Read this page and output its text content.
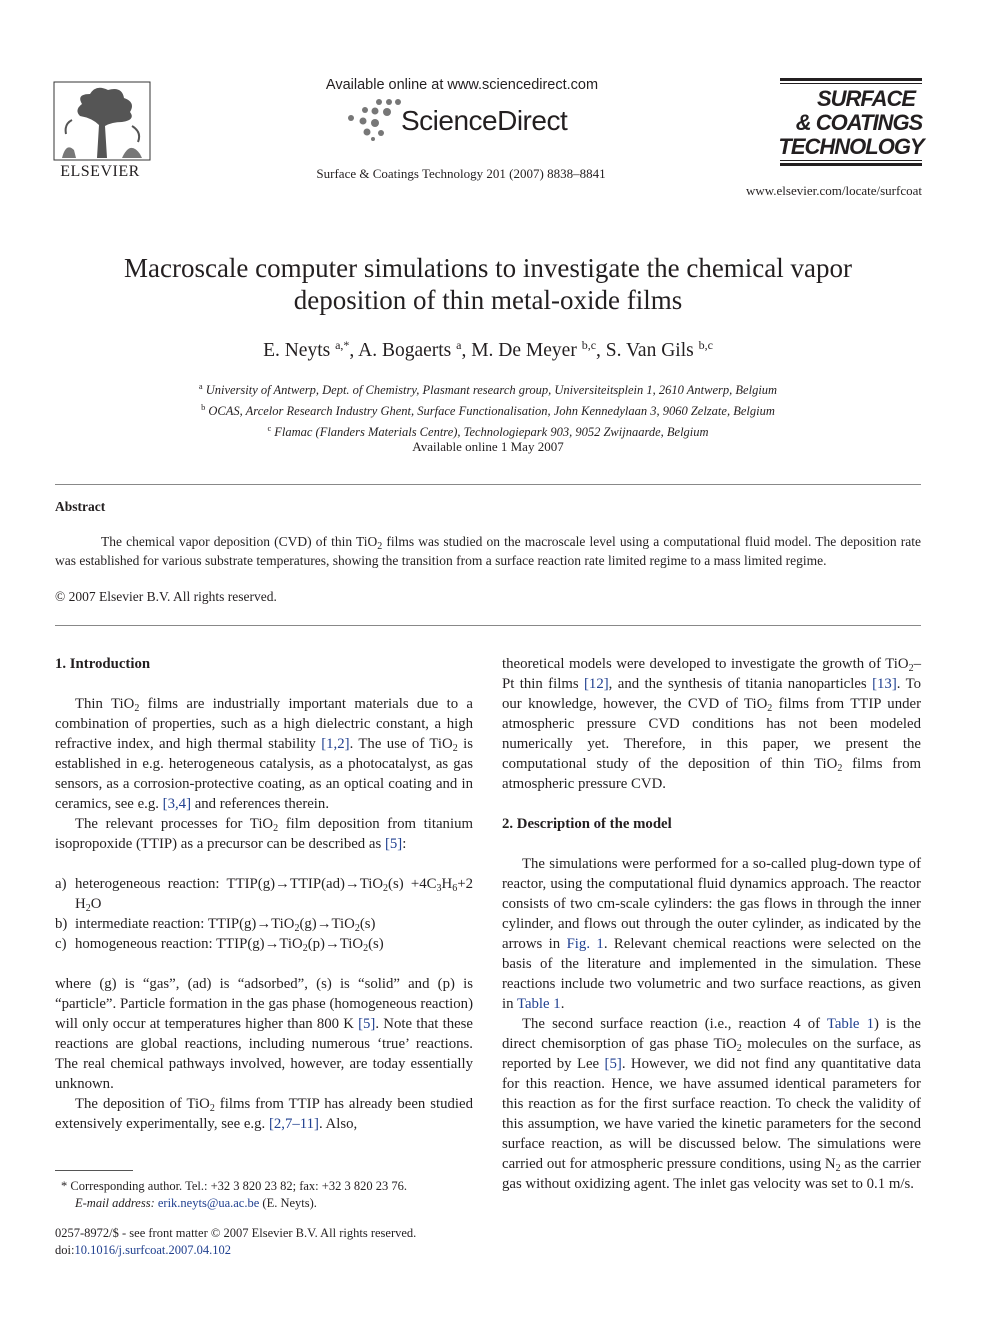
ELSEVIER
Available online at www.sciencedirect.com
ScienceDirect
Surface & Coatings Technology 201 (2007) 8838–8841
SURFACE
& COATINGS
TECHNOLOGY
www.elsevier.com/locate/surfcoat
Macroscale computer simulations to investigate the chemical vapor
deposition of thin metal-oxide films
E. Neyts $^{a,*}$, A. Bogaerts $^a$, M. De Meyer $^{b,c}$, S. Van Gils $^{b,c}$
$^a$ University of Antwerp, Dept. of Chemistry, Plasmant research group, Universiteitsplein 1, 2610 Antwerp, Belgium
$^b$ OCAS, Arcelor Research Industry Ghent, Surface Functionalisation, John Kennedylaan 3, 9060 Zelzate, Belgium
$^c$ Flamac (Flanders Materials Centre), Technologiepark 903, 9052 Zwijnaarde, Belgium
Available online 1 May 2007
Abstract

The chemical vapor deposition (CVD) of thin TiO$_2$ films was studied on the macroscale level using a computational fluid model. The deposition rate was established for various substrate temperatures, showing the transition from a surface reaction rate limited regime to a mass limited regime.

© 2007 Elsevier B.V. All rights reserved.
1. Introduction

Thin TiO$_2$ films are industrially important materials due to a combination of properties, such as a high dielectric constant, a high refractive index, and high thermal stability [1,2]. The use of TiO$_2$ is established in e.g. heterogeneous catalysis, as a photocatalyst, as gas sensors, as a corrosion-protective coating, as an optical coating and in ceramics, see e.g. [3,4] and references therein.

The relevant processes for TiO$_2$ film deposition from titanium isopropoxide (TTIP) as a precursor can be described as [5]:

a) heterogeneous reaction: TTIP(g)→TTIP(ad)→TiO$_2$(s) $+4C_3H_6+2$ $H_2O$
b) intermediate reaction: TTIP(g)→TiO$_2$(g)→TiO$_2$(s)
c) homogeneous reaction: TTIP(g)→TiO$_2$(p)→TiO$_2$(s)

where (g) is “gas”, (ad) is “adsorbed”, (s) is “solid” and (p) is “particle”. Particle formation in the gas phase (homogeneous reaction) will only occur at temperatures higher than 800 K [5]. Note that these reactions are global reactions, including numerous ‘true’ reactions. The real chemical pathways involved, however, are today essentially unknown.

The deposition of TiO$_2$ films from TTIP has already been studied extensively experimentally, see e.g. [2,7–11]. Also,

theoretical models were developed to investigate the growth of TiO$_2$–Pt thin films [12], and the synthesis of titania nanoparticles [13]. To our knowledge, however, the CVD of TiO$_2$ films from TTIP under atmospheric pressure CVD conditions has not been modeled numerically yet. Therefore, in this paper, we present the computational study of the deposition of thin TiO$_2$ films from atmospheric pressure CVD.

2. Description of the model

The simulations were performed for a so-called plug-down type of reactor, using the computational fluid dynamics approach. The reactor consists of two cm-scale cylinders: the gas flows in through the inner cylinder, and flows out through the outer cylinder, as indicated by the arrows in Fig. 1. Relevant chemical reactions were selected on the basis of the literature and implemented in the simulation. These reactions include two volumetric and two surface reactions, as given in Table 1.

The second surface reaction (i.e., reaction 4 of Table 1) is the direct chemisorption of gas phase TiO$_2$ molecules on the surface, as reported by Lee [5]. However, we did not find any quantitative data for this reaction. Hence, we have assumed identical parameters for this reaction as for the first surface reaction. To check the validity of this assumption, we have varied the kinetic parameters for the second surface reaction, as will be discussed below. The simulations were carried out for atmospheric pressure conditions, using $N_2$ as the carrier gas without oxidizing agent. The inlet gas velocity was set to 0.1 m/s.

* Corresponding author. Tel.: +32 3 820 23 82; fax: +32 3 820 23 76.
E-mail address: erik.neyts@ua.ac.be (E. Neyts).
0257-8972/$ - see front matter © 2007 Elsevier B.V. All rights reserved.
doi:10.1016/j.surfcoat.2007.04.102
